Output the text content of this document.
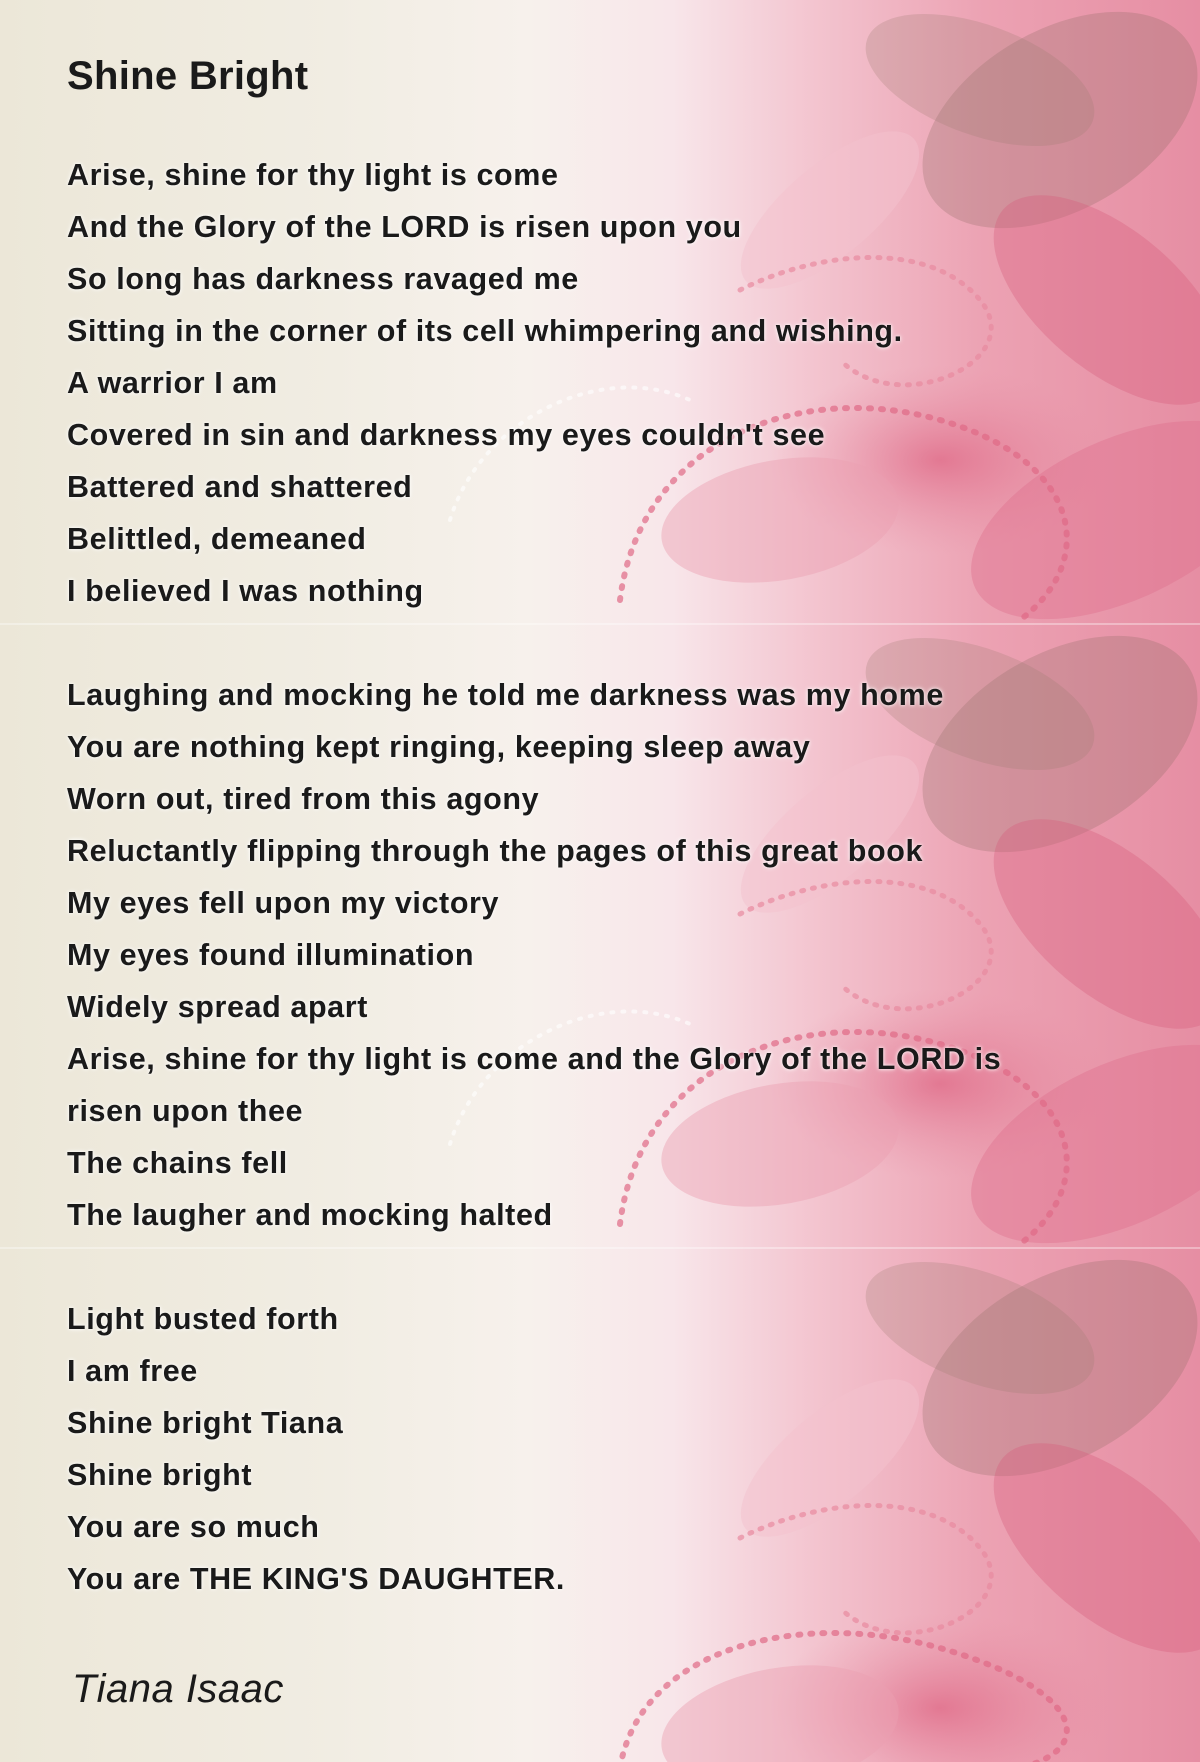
Shine Bright

Arise, shine for thy light is come

And the Glory of the LORD is risen upon you

So long has darkness ravaged me

Sitting in the corner of its cell whimpering and wishing.

A warrior I am

Covered in sin and darkness my eyes couldn't see

Battered and shattered

Belittled, demeaned

I believed I was nothing

Laughing and mocking he told me darkness was my home

You are nothing kept ringing, keeping sleep away

Worn out, tired from this agony

Reluctantly flipping through the pages of this great book

My eyes fell upon my victory

My eyes found illumination

Widely spread apart

Arise, shine for thy light is come and the Glory of the LORD is

risen upon thee

The chains fell

The laugher and mocking halted

Light busted forth

I am free

Shine bright Tiana

Shine bright

You are so much

You are THE KING'S DAUGHTER.

Tiana Isaac
